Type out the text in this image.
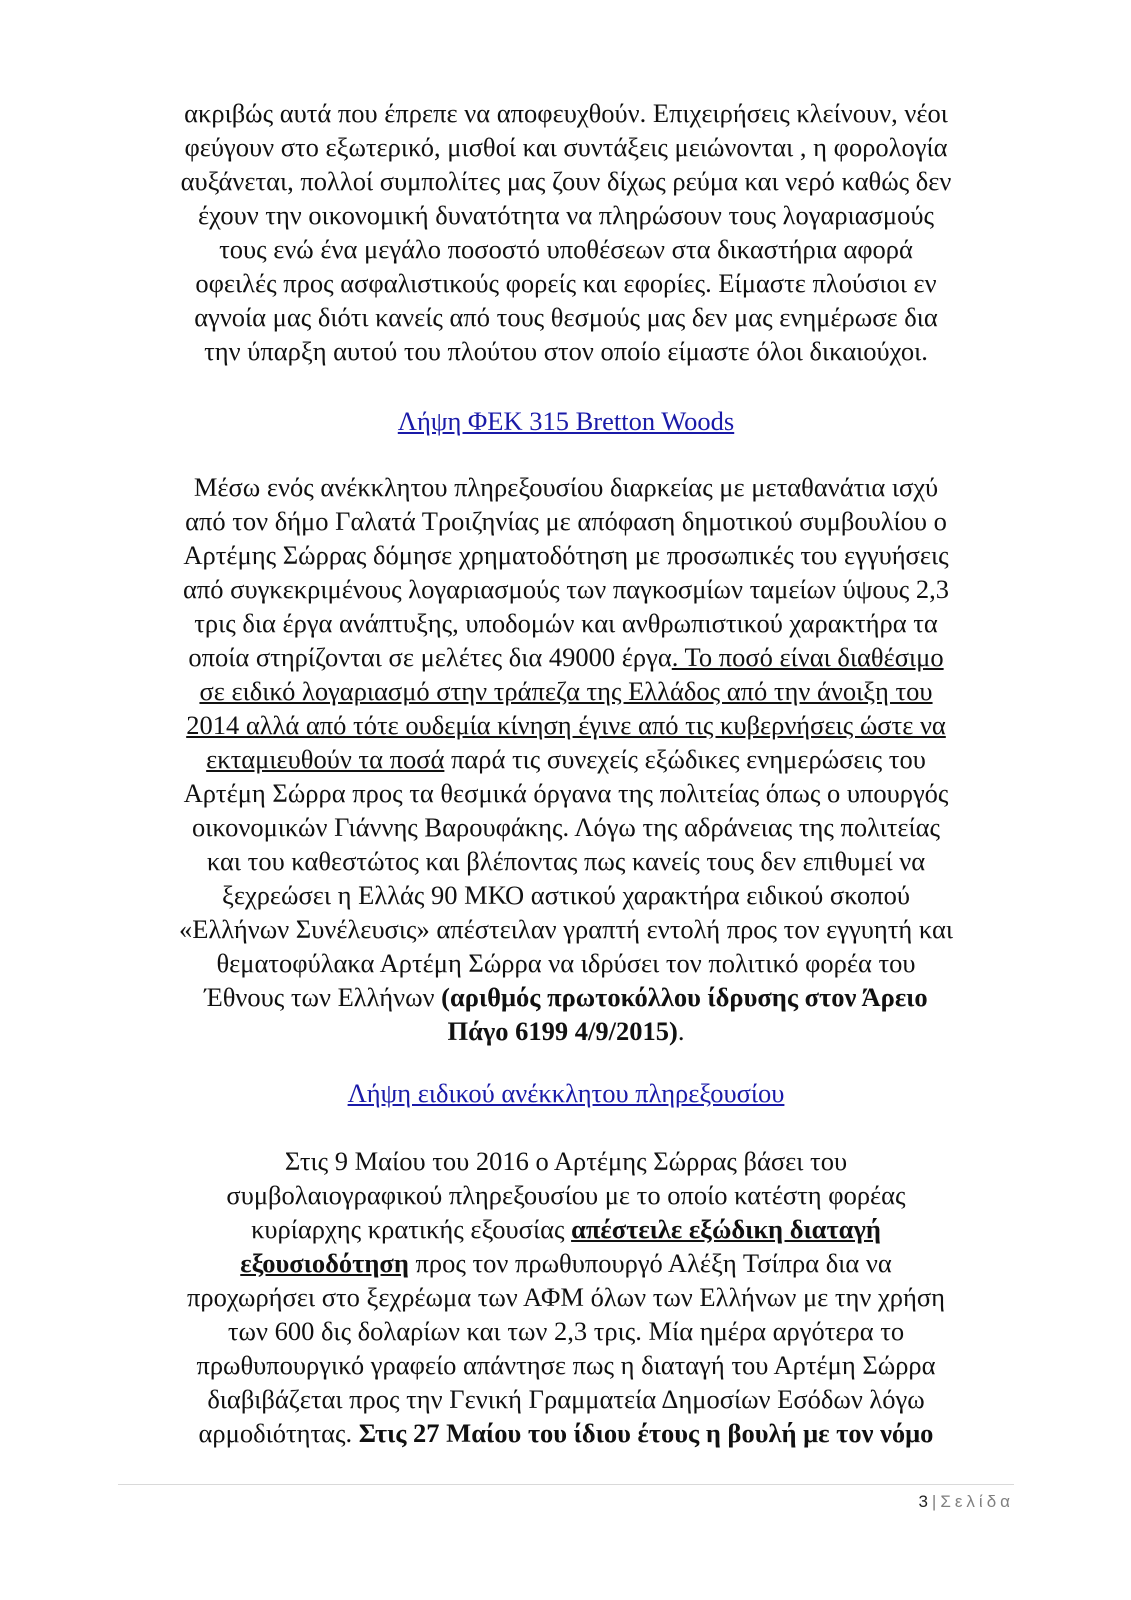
ακριβώς αυτά που έπρεπε να αποφευχθούν. Επιχειρήσεις κλείνουν, νέοι
φεύγουν στο εξωτερικό, μισθοί και συντάξεις μειώνονται , η φορολογία
αυξάνεται, πολλοί συμπολίτες μας ζουν δίχως ρεύμα και νερό καθώς δεν
έχουν την οικονομική δυνατότητα να πληρώσουν τους λογαριασμούς
τους ενώ ένα μεγάλο ποσοστό υποθέσεων στα δικαστήρια αφορά
οφειλές προς ασφαλιστικούς φορείς και εφορίες. Είμαστε πλούσιοι εν
αγνοία μας διότι κανείς από τους θεσμούς μας δεν μας ενημέρωσε δια
την ύπαρξη αυτού του πλούτου στον οποίο είμαστε όλοι δικαιούχοι.
Λήψη ΦΕΚ 315 Bretton Woods
Μέσω ενός ανέκκλητου πληρεξουσίου διαρκείας με μεταθανάτια ισχύ
από τον δήμο Γαλατά Τροιζηνίας με απόφαση δημοτικού συμβουλίου ο
Αρτέμης Σώρρας δόμησε χρηματοδότηση με προσωπικές του εγγυήσεις
από συγκεκριμένους λογαριασμούς των παγκοσμίων ταμείων ύψους 2,3
τρις δια έργα ανάπτυξης, υποδομών και ανθρωπιστικού χαρακτήρα τα
οποία στηρίζονται σε μελέτες δια 49000 έργα. Το ποσό είναι διαθέσιμο
σε ειδικό λογαριασμό στην τράπεζα της Ελλάδος από την άνοιξη του
2014 αλλά από τότε ουδεμία κίνηση έγινε από τις κυβερνήσεις ώστε να
εκταμιευθούν τα ποσά παρά τις συνεχείς εξώδικες ενημερώσεις του
Αρτέμη Σώρρα προς τα θεσμικά όργανα της πολιτείας όπως ο υπουργός
οικονομικών Γιάννης Βαρουφάκης. Λόγω της αδράνειας της πολιτείας
και του καθεστώτος και βλέποντας πως κανείς τους δεν επιθυμεί να
ξεχρεώσει η Ελλάς 90 ΜΚΟ αστικού χαρακτήρα ειδικού σκοπού
«Ελλήνων Συνέλευσις» απέστειλαν γραπτή εντολή προς τον εγγυητή και
θεματοφύλακα Αρτέμη Σώρρα να ιδρύσει τον πολιτικό φορέα του
Έθνους των Ελλήνων (αριθμός πρωτοκόλλου ίδρυσης στον Άρειο
Πάγο 6199 4/9/2015).
Λήψη ειδικού ανέκκλητου πληρεξουσίου
Στις 9 Μαίου του 2016 ο Αρτέμης Σώρρας βάσει του
συμβολαιογραφικού πληρεξουσίου με το οποίο κατέστη φορέας
κυρίαρχης κρατικής εξουσίας απέστειλε εξώδικη διαταγή
εξουσιοδότηση προς τον πρωθυπουργό Αλέξη Τσίπρα δια να
προχωρήσει στο ξεχρέωμα των ΑΦΜ όλων των Ελλήνων με την χρήση
των 600 δις δολαρίων και των 2,3 τρις. Μία ημέρα αργότερα το
πρωθυπουργικό γραφείο απάντησε πως η διαταγή του Αρτέμη Σώρρα
διαβιβάζεται προς την Γενική Γραμματεία Δημοσίων Εσόδων λόγω
αρμοδιότητας. Στις 27 Μαίου του ίδιου έτους η βουλή με τον νόμο
3 | Σελίδα
